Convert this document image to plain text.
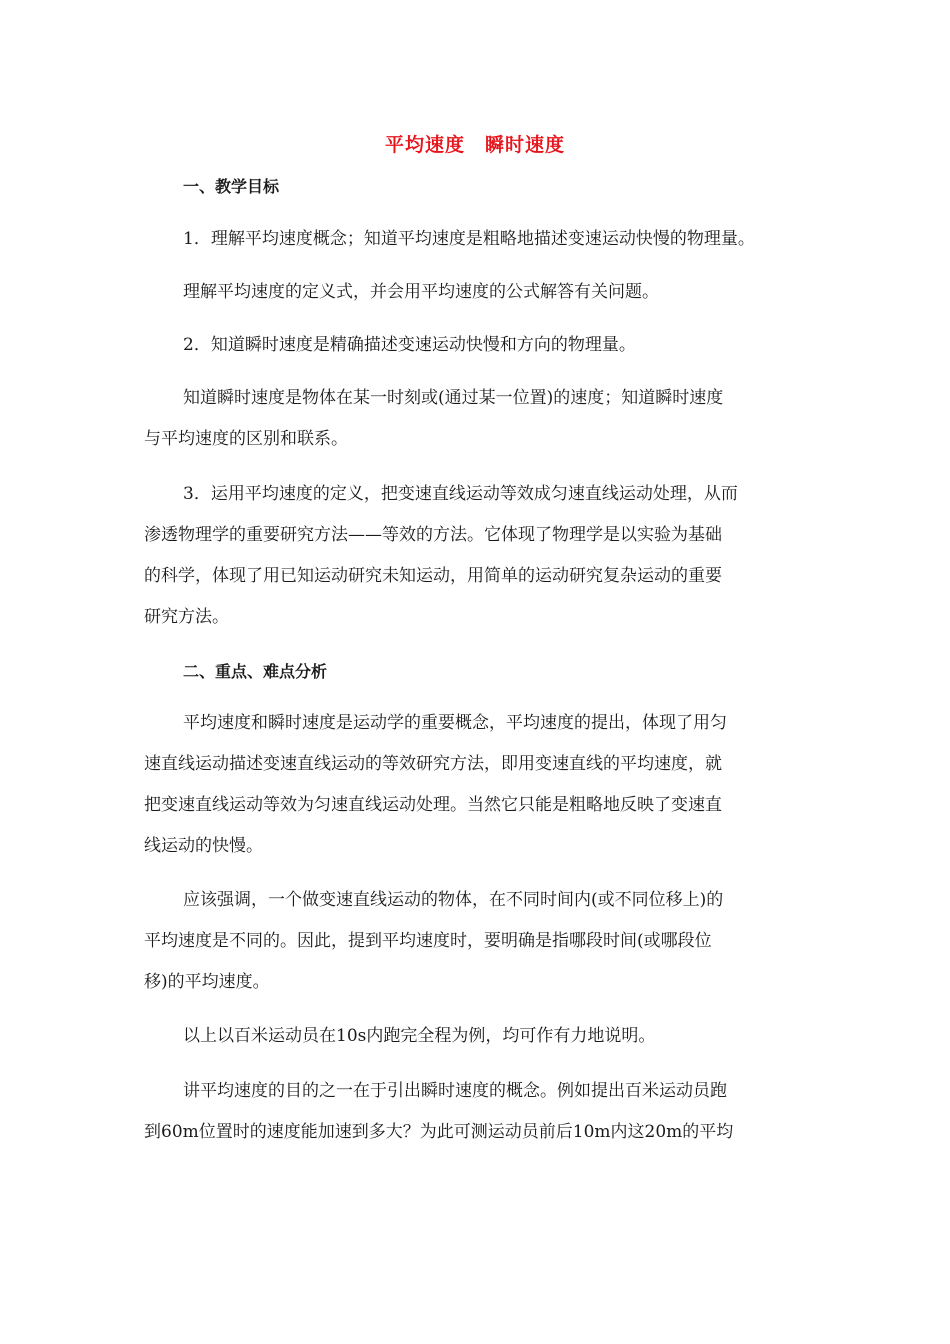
平均速度　瞬时速度
一、教学目标
1．理解平均速度概念；知道平均速度是粗略地描述变速运动快慢的物理量。
理解平均速度的定义式，并会用平均速度的公式解答有关问题。
2．知道瞬时速度是精确描述变速运动快慢和方向的物理量。
知道瞬时速度是物体在某一时刻或(通过某一位置)的速度；知道瞬时速度
与平均速度的区别和联系。
3．运用平均速度的定义，把变速直线运动等效成匀速直线运动处理，从而
渗透物理学的重要研究方法——等效的方法。它体现了物理学是以实验为基础
的科学，体现了用已知运动研究未知运动，用简单的运动研究复杂运动的重要
研究方法。
二、重点、难点分析
平均速度和瞬时速度是运动学的重要概念，平均速度的提出，体现了用匀
速直线运动描述变速直线运动的等效研究方法，即用变速直线的平均速度，就
把变速直线运动等效为匀速直线运动处理。当然它只能是粗略地反映了变速直
线运动的快慢。
应该强调，一个做变速直线运动的物体，在不同时间内(或不同位移上)的
平均速度是不同的。因此，提到平均速度时，要明确是指哪段时间(或哪段位
移)的平均速度。
以上以百米运动员在10s内跑完全程为例，均可作有力地说明。
讲平均速度的目的之一在于引出瞬时速度的概念。例如提出百米运动员跑
到60m位置时的速度能加速到多大？为此可测运动员前后10m内这20m的平均
